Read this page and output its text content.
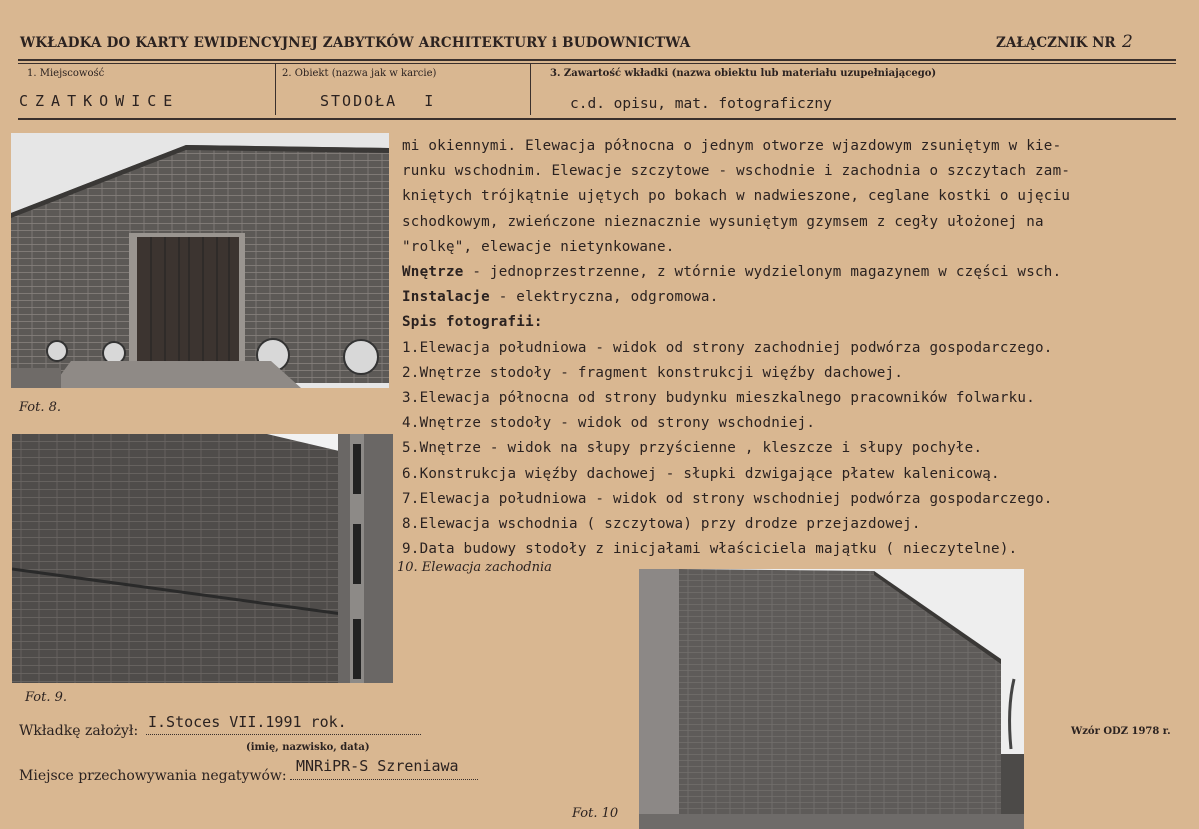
WKŁADKA DO KARTY EWIDENCYJNEJ ZABYTKÓW ARCHITEKTURY i BUDOWNICTWA	ZAŁĄCZNIK NR 2
1. Miejscowość
CZATKOWICE
2. Obiekt (nazwa jak w karcie)
STODOŁA I
3. Zawartość wkładki (nazwa obiektu lub materiału uzupełniającego)
c.d. opisu, mat. fotograficzny
Fot. 8.
Fot. 9.
Fot. 10
mi okiennymi. Elewacja północna o jednym otworze wjazdowym zsuniętym w kie-
runku wschodnim. Elewacje szczytowe - wschodnie i zachodnia o szczytach zam-
kniętych trójkątnie ujętych po bokach w nadwieszone, ceglane kostki o ujęciu
schodkowym, zwieńczone nieznacznie wysuniętym gzymsem z cegły ułożonej na
"rolkę", elewacje nietynkowane.
Wnętrze - jednoprzestrzenne, z wtórnie wydzielonym magazynem w części wsch.
Instalacje - elektryczna, odgromowa.
Spis fotografii:
1.Elewacja południowa - widok od strony zachodniej podwórza gospodarczego.
2.Wnętrze stodoły - fragment konstrukcji więźby dachowej.
3.Elewacja północna od strony budynku mieszkalnego pracowników folwarku.
4.Wnętrze stodoły - widok od strony wschodniej.
5.Wnętrze - widok na słupy przyścienne , kleszcze i słupy pochyłe.
6.Konstrukcja więźby dachowej - słupki dzwigające płatew kalenicową.
7.Elewacja południowa - widok od strony wschodniej podwórza gospodarczego.
8.Elewacja wschodnia ( szczytowa) przy drodze przejazdowej.
9.Data budowy stodoły z inicjałami właściciela majątku ( nieczytelne).
10. Elewacja zachodnia
Wkładkę założył: I.Stoces VII.1991 rok.
(imię, nazwisko, data)
Miejsce przechowywania negatywów:
MNRiPR-S Szreniawa
Wzór ODZ 1978 r.
